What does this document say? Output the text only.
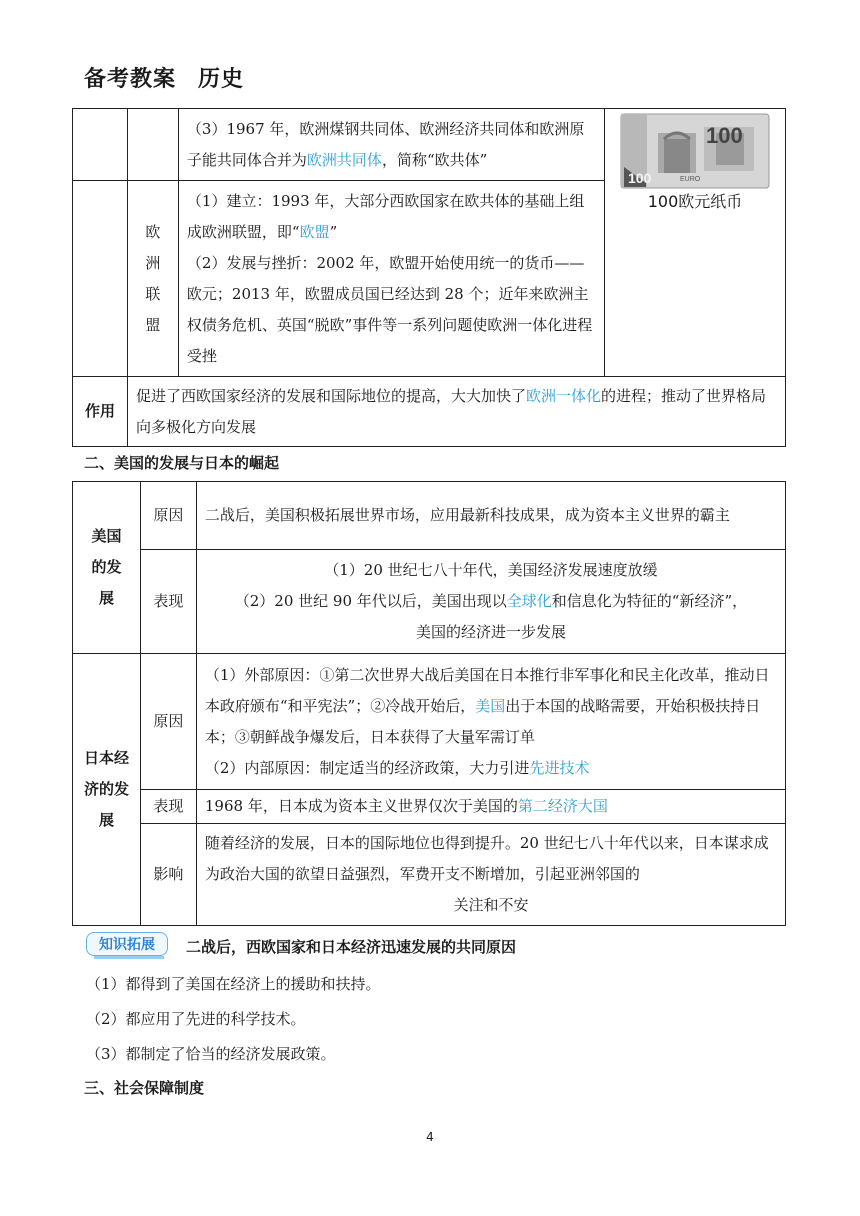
备考教案 历史
		（3）1967 年，欧洲煤钢共同体、欧洲经济共同体和欧洲原子能共同体合并为欧洲共同体，简称“欧共体”	100
100 EURO
100欧元纸币

	欧洲联盟	（1）建立：1993 年，大部分西欧国家在欧共体的基础上组成欧洲联盟，即“欧盟”
（2）发展与挫折：2002 年，欧盟开始使用统一的货币——欧元；2013 年，欧盟成员国已经达到 28 个；近年来欧洲主权债务危机、英国“脱欧”事件等一系列问题使欧洲一体化进程受挫	

作用	促进了西欧国家经济的发展和国际地位的提高，大大加快了欧洲一体化的进程；推动了世界格局向多极化方向发展		
二、美国的发展与日本的崛起
美国的发展	原因	二战后，美国积极拓展世界市场，应用最新科技成果，成为资本主义世界的霸主
	表现	（1）20 世纪七八十年代，美国经济发展速度放缓
（2）20 世纪 90 年代以后，美国出现以全球化和信息化为特征的“新经济”，
美国的经济进一步发展

日本经济的发展	原因	（1）外部原因：①第二次世界大战后美国在日本推行非军事化和民主化改革，推动日本政府颁布“和平宪法”；②冷战开始后，美国出于本国的战略需要，开始积极扶持日本；③朝鲜战争爆发后，日本获得了大量军需订单
（2）内部原因：制定适当的经济政策，大力引进先进技术

	表现	1968 年，日本成为资本主义世界仅次于美国的第二经济大国
	影响	随着经济的发展，日本的国际地位也得到提升。20 世纪七八十年代以来，日本谋求成为政治大国的欲望日益强烈，军费开支不断增加，引起亚洲邻国的
关注和不安
知识拓展	二战后，西欧国家和日本经济迅速发展的共同原因
（1）都得到了美国在经济上的援助和扶持。
（2）都应用了先进的科学技术。
（3）都制定了恰当的经济发展政策。
三、社会保障制度
4
